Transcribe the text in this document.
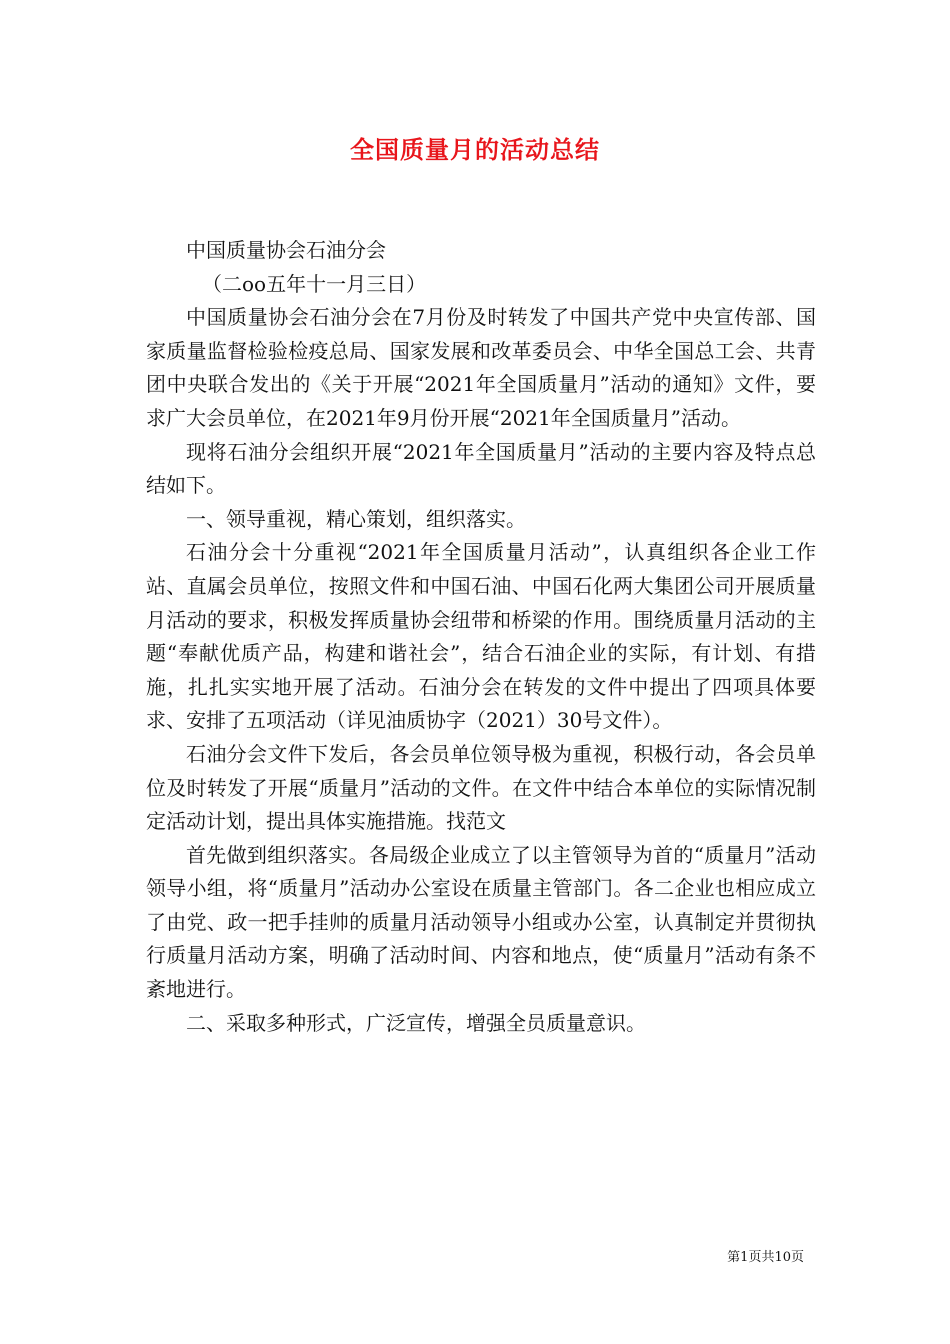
全国质量月的活动总结

中国质量协会石油分会

（二oo五年十一月三日）

中国质量协会石油分会在7月份及时转发了中国共产党中央宣传部、国家质量监督检验检疫总局、国家发展和改革委员会、中华全国总工会、共青团中央联合发出的《关于开展“2021年全国质量月”活动的通知》文件，要求广大会员单位，在2021年9月份开展“2021年全国质量月”活动。

现将石油分会组织开展“2021年全国质量月”活动的主要内容及特点总结如下。

一、领导重视，精心策划，组织落实。

石油分会十分重视“2021年全国质量月活动”，认真组织各企业工作站、直属会员单位，按照文件和中国石油、中国石化两大集团公司开展质量月活动的要求，积极发挥质量协会纽带和桥梁的作用。围绕质量月活动的主题“奉献优质产品，构建和谐社会”，结合石油企业的实际，有计划、有措施，扎扎实实地开展了活动。石油分会在转发的文件中提出了四项具体要求、安排了五项活动（详见油质协字（2021）30号文件）。

石油分会文件下发后，各会员单位领导极为重视，积极行动，各会员单位及时转发了开展“质量月”活动的文件。在文件中结合本单位的实际情况制定活动计划，提出具体实施措施。找范文

首先做到组织落实。各局级企业成立了以主管领导为首的“质量月”活动领导小组，将“质量月”活动办公室设在质量主管部门。各二企业也相应成立了由党、政一把手挂帅的质量月活动领导小组或办公室，认真制定并贯彻执行质量月活动方案，明确了活动时间、内容和地点，使“质量月”活动有条不紊地进行。

二、采取多种形式，广泛宣传，增强全员质量意识。

第1页共10页
